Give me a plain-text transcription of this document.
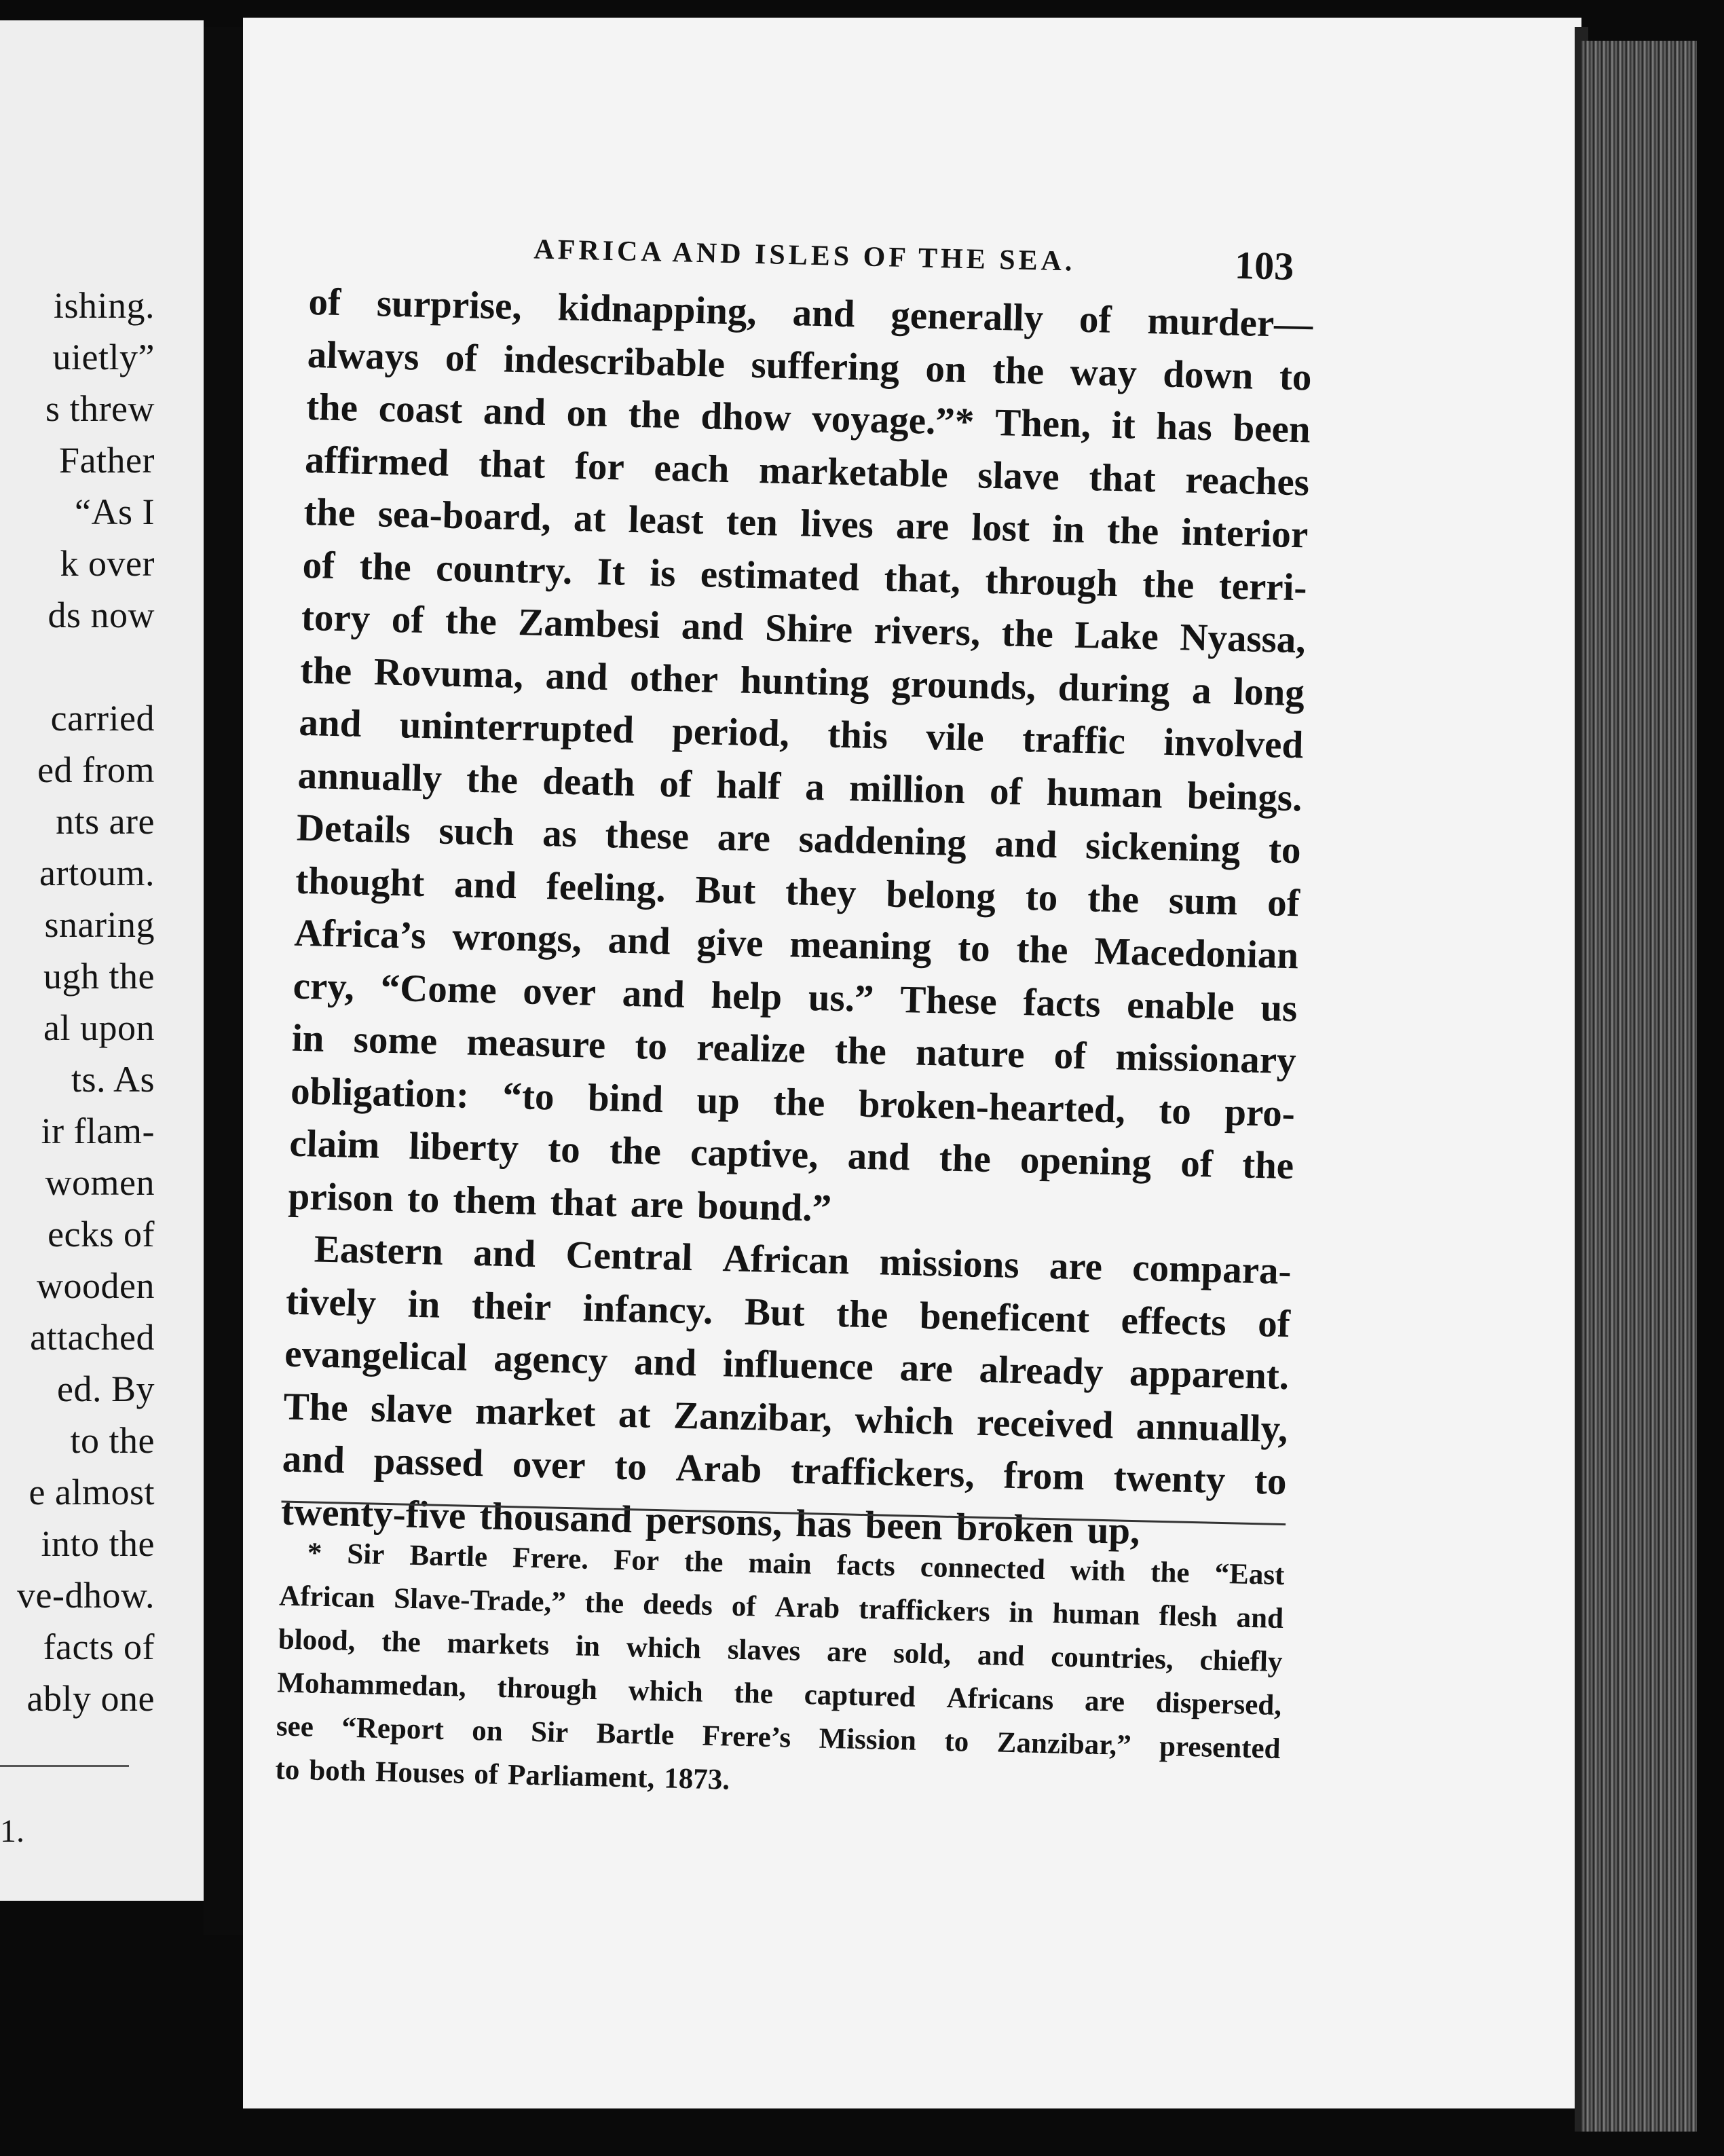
ishing.
uietly”
s threw
Father
“As I
k over
ds now
carried
ed from
nts are
artoum.
snaring
ugh the
al upon
ts. As
ir flam-
women
ecks of
wooden
attached
ed. By
to the
e almost
into the
ve-dhow.
facts of
ably one
1.
AFRICA AND ISLES OF THE SEA.	103
of surprise, kidnapping, and generally of murder—
always of indescribable suffering on the way down to
the coast and on the dhow voyage.”* Then, it has been
affirmed that for each marketable slave that reaches
the sea-board, at least ten lives are lost in the interior
of the country. It is estimated that, through the terri-
tory of the Zambesi and Shire rivers, the Lake Nyassa,
the Rovuma, and other hunting grounds, during a long
and uninterrupted period, this vile traffic involved
annually the death of half a million of human beings.
Details such as these are saddening and sickening to
thought and feeling. But they belong to the sum of
Africa’s wrongs, and give meaning to the Macedonian
cry, “Come over and help us.” These facts enable us
in some measure to realize the nature of missionary
obligation: “to bind up the broken-hearted, to pro-
claim liberty to the captive, and the opening of the
prison to them that are bound.”
Eastern and Central African missions are compara-
tively in their infancy. But the beneficent effects of
evangelical agency and influence are already apparent.
The slave market at Zanzibar, which received annually,
and passed over to Arab traffickers, from twenty to
twenty-five thousand persons, has been broken up,
* Sir Bartle Frere. For the main facts connected with the “East
African Slave-Trade,” the deeds of Arab traffickers in human flesh and
blood, the markets in which slaves are sold, and countries, chiefly
Mohammedan, through which the captured Africans are dispersed,
see “Report on Sir Bartle Frere’s Mission to Zanzibar,” presented
to both Houses of Parliament, 1873.
